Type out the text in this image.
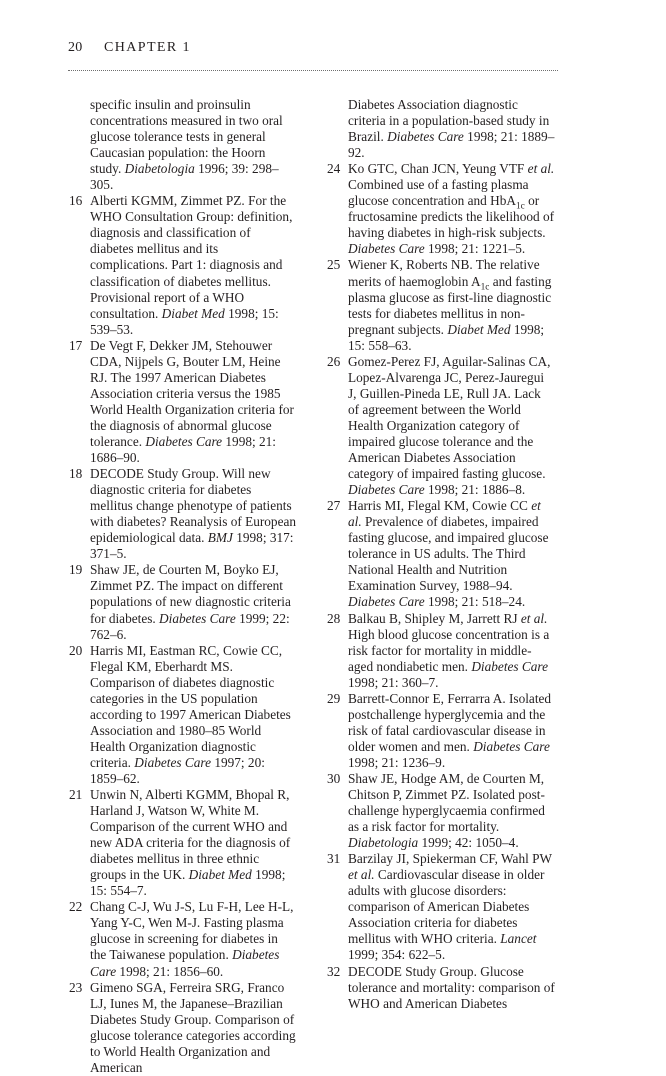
20 CHAPTER 1

specific insulin and proinsulin concentrations measured in two oral glucose tolerance tests in general Caucasian population: the Hoorn study. Diabetologia 1996; 39: 298–305.

16 Alberti KGMM, Zimmet PZ. For the WHO Consultation Group: definition, diagnosis and classification of diabetes mellitus and its complications. Part 1: diagnosis and classification of diabetes mellitus. Provisional report of a WHO consultation. Diabet Med 1998; 15: 539–53.

17 De Vegt F, Dekker JM, Stehouwer CDA, Nijpels G, Bouter LM, Heine RJ. The 1997 American Diabetes Association criteria versus the 1985 World Health Organization criteria for the diagnosis of abnormal glucose tolerance. Diabetes Care 1998; 21: 1686–90.

18 DECODE Study Group. Will new diagnostic criteria for diabetes mellitus change phenotype of patients with diabetes? Reanalysis of European epidemiological data. BMJ 1998; 317: 371–5.

19 Shaw JE, de Courten M, Boyko EJ, Zimmet PZ. The impact on different populations of new diagnostic criteria for diabetes. Diabetes Care 1999; 22: 762–6.

20 Harris MI, Eastman RC, Cowie CC, Flegal KM, Eberhardt MS. Comparison of diabetes diagnostic categories in the US population according to 1997 American Diabetes Association and 1980–85 World Health Organization diagnostic criteria. Diabetes Care 1997; 20: 1859–62.

21 Unwin N, Alberti KGMM, Bhopal R, Harland J, Watson W, White M. Comparison of the current WHO and new ADA criteria for the diagnosis of diabetes mellitus in three ethnic groups in the UK. Diabet Med 1998; 15: 554–7.

22 Chang C-J, Wu J-S, Lu F-H, Lee H-L, Yang Y-C, Wen M-J. Fasting plasma glucose in screening for diabetes in the Taiwanese population. Diabetes Care 1998; 21: 1856–60.

23 Gimeno SGA, Ferreira SRG, Franco LJ, Iunes M, the Japanese–Brazilian Diabetes Study Group. Comparison of glucose tolerance categories according to World Health Organization and American

Diabetes Association diagnostic criteria in a population-based study in Brazil. Diabetes Care 1998; 21: 1889–92.

24 Ko GTC, Chan JCN, Yeung VTF et al. Combined use of a fasting plasma glucose concentration and HbA$_{1c}$ or fructosamine predicts the likelihood of having diabetes in high-risk subjects. Diabetes Care 1998; 21: 1221–5.

25 Wiener K, Roberts NB. The relative merits of haemoglobin $A_{1c}$ and fasting plasma glucose as first-line diagnostic tests for diabetes mellitus in non-pregnant subjects. Diabet Med 1998; 15: 558–63.

26 Gomez-Perez FJ, Aguilar-Salinas CA, Lopez-Alvarenga JC, Perez-Jauregui J, Guillen-Pineda LE, Rull JA. Lack of agreement between the World Health Organization category of impaired glucose tolerance and the American Diabetes Association category of impaired fasting glucose. Diabetes Care 1998; 21: 1886–8.

27 Harris MI, Flegal KM, Cowie CC et al. Prevalence of diabetes, impaired fasting glucose, and impaired glucose tolerance in US adults. The Third National Health and Nutrition Examination Survey, 1988–94. Diabetes Care 1998; 21: 518–24.

28 Balkau B, Shipley M, Jarrett RJ et al. High blood glucose concentration is a risk factor for mortality in middle-aged nondiabetic men. Diabetes Care 1998; 21: 360–7.

29 Barrett-Connor E, Ferrarra A. Isolated postchallenge hyperglycemia and the risk of fatal cardiovascular disease in older women and men. Diabetes Care 1998; 21: 1236–9.

30 Shaw JE, Hodge AM, de Courten M, Chitson P, Zimmet PZ. Isolated post-challenge hyperglycaemia confirmed as a risk factor for mortality. Diabetologia 1999; 42: 1050–4.

31 Barzilay JI, Spiekerman CF, Wahl PW et al. Cardiovascular disease in older adults with glucose disorders: comparison of American Diabetes Association criteria for diabetes mellitus with WHO criteria. Lancet 1999; 354: 622–5.

32 DECODE Study Group. Glucose tolerance and mortality: comparison of WHO and American Diabetes
